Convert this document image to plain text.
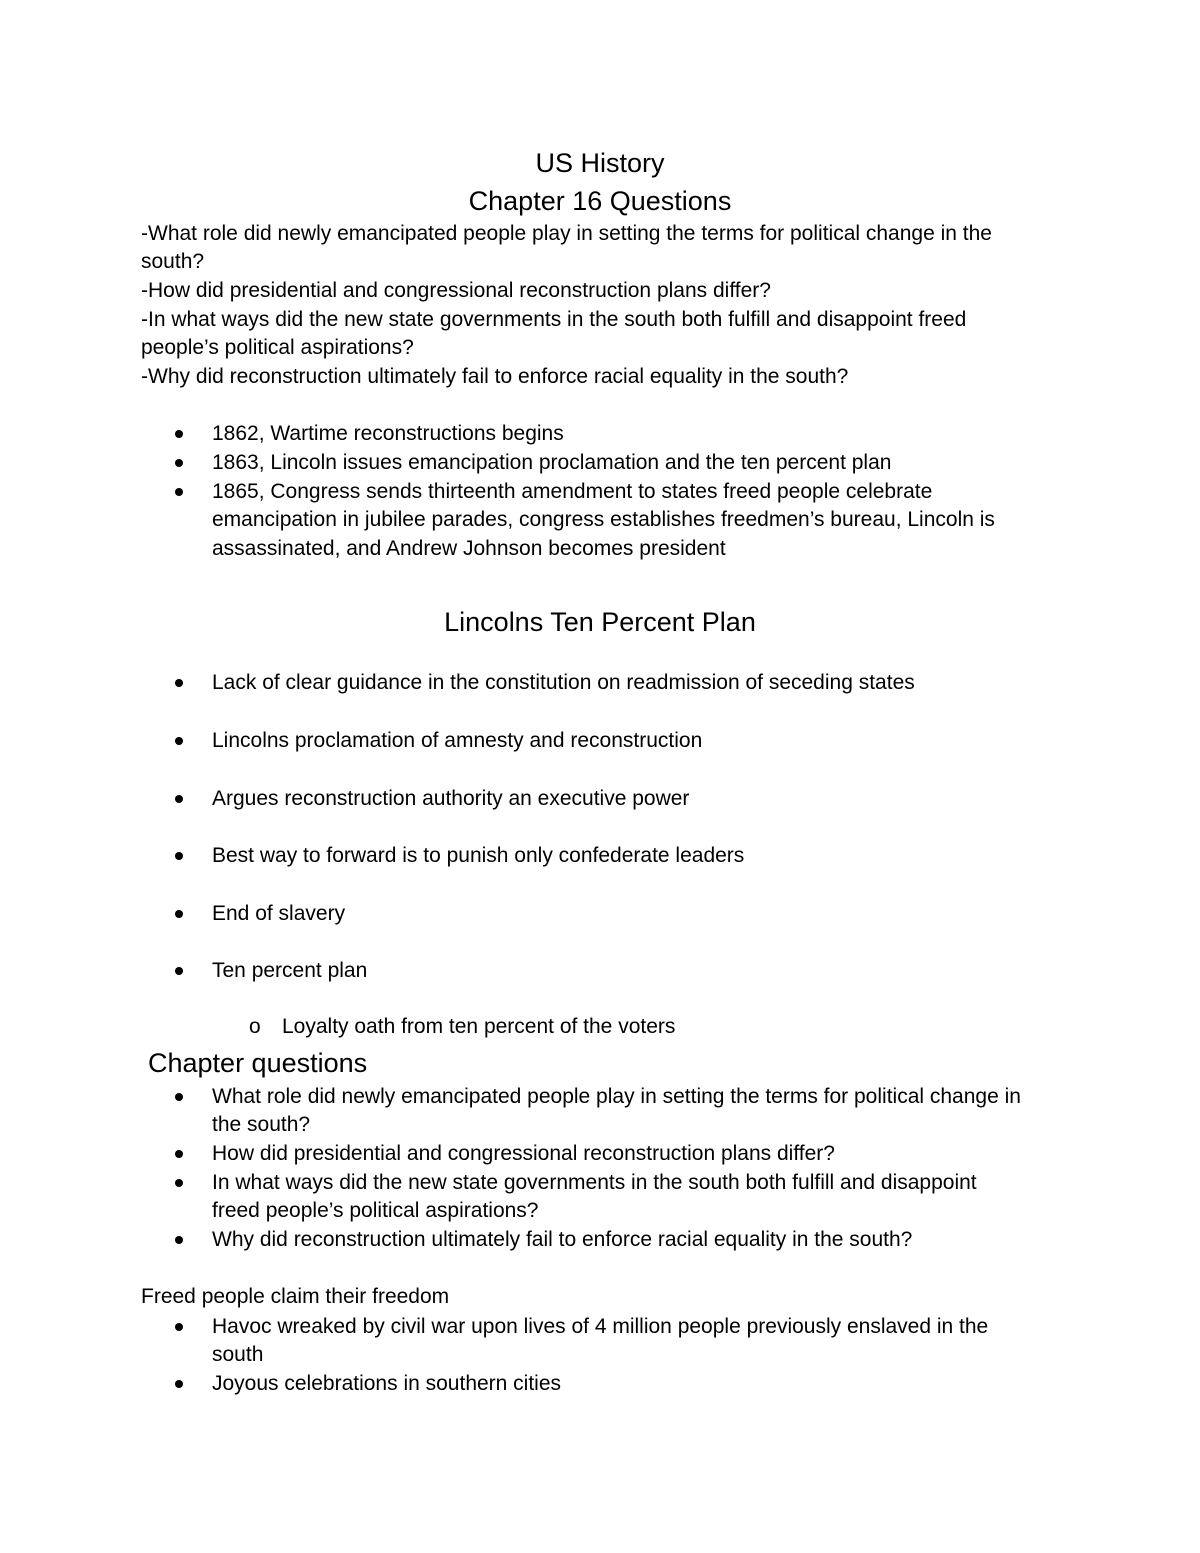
US History
Chapter 16 Questions
-What role did newly emancipated people play in setting the terms for political change in the
south?
-How did presidential and congressional reconstruction plans differ?
-In what ways did the new state governments in the south both fulfill and disappoint freed
people’s political aspirations?
-Why did reconstruction ultimately fail to enforce racial equality in the south?
1862, Wartime reconstructions begins
1863, Lincoln issues emancipation proclamation and the ten percent plan
1865, Congress sends thirteenth amendment to states freed people celebrate
emancipation in jubilee parades, congress establishes freedmen’s bureau, Lincoln is
assassinated, and Andrew Johnson becomes president
Lincolns Ten Percent Plan
Lack of clear guidance in the constitution on readmission of seceding states
Lincolns proclamation of amnesty and reconstruction
Argues reconstruction authority an executive power
Best way to forward is to punish only confederate leaders
End of slavery
Ten percent plan
o Loyalty oath from ten percent of the voters
Chapter questions
What role did newly emancipated people play in setting the terms for political change in
the south?
How did presidential and congressional reconstruction plans differ?
In what ways did the new state governments in the south both fulfill and disappoint
freed people’s political aspirations?
Why did reconstruction ultimately fail to enforce racial equality in the south?
Freed people claim their freedom
Havoc wreaked by civil war upon lives of 4 million people previously enslaved in the
south
Joyous celebrations in southern cities
